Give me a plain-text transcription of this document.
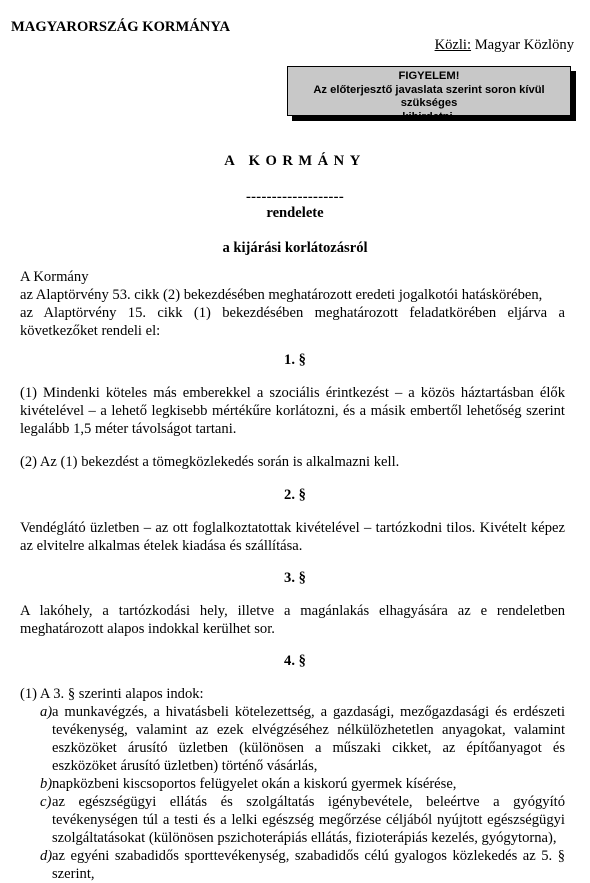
MAGYARORSZÁG KORMÁNYA
Közli: Magyar Közlöny
FIGYELEM!
Az előterjesztő javaslata szerint soron kívül szükséges
kihirdetni.
A KORMÁNY
-------------------
rendelete
a kijárási korlátozásról
A Kormány
az Alaptörvény 53. cikk (2) bekezdésében meghatározott eredeti jogalkotói hatáskörében,
az Alaptörvény 15. cikk (1) bekezdésében meghatározott feladatkörében eljárva a
következőket rendeli el:
1. §
(1) Mindenki köteles más emberekkel a szociális érintkezést – a közös háztartásban élők
kivételével – a lehető legkisebb mértékűre korlátozni, és a másik embertől lehetőség szerint
legalább 1,5 méter távolságot tartani.
(2) Az (1) bekezdést a tömegközlekedés során is alkalmazni kell.
2. §
Vendéglátó üzletben – az ott foglalkoztatottak kivételével – tartózkodni tilos. Kivételt képez
az elvitelre alkalmas ételek kiadása és szállítása.
3. §
A lakóhely, a tartózkodási hely, illetve a magánlakás elhagyására az e rendeletben
meghatározott alapos indokkal kerülhet sor.
4. §
(1) A 3. § szerinti alapos indok:
a) a munkavégzés, a hivatásbeli kötelezettség, a gazdasági, mezőgazdasági és erdészeti
tevékenység, valamint az ezek elvégzéséhez nélkülözhetetlen anyagokat, valamint
eszközöket árusító üzletben (különösen a műszaki cikket, az építőanyagot és
eszközöket árusító üzletben) történő vásárlás,
b) napközbeni kiscsoportos felügyelet okán a kiskorú gyermek kísérése,
c) az egészségügyi ellátás és szolgáltatás igénybevétele, beleértve a gyógyító
tevékenységen túl a testi és a lelki egészség megőrzése céljából nyújtott egészségügyi
szolgáltatásokat (különösen pszichoterápiás ellátás, fizioterápiás kezelés, gyógytorna),
d) az egyéni szabadidős sporttevékenység, szabadidős célú gyalogos közlekedés az 5. §
szerint,
